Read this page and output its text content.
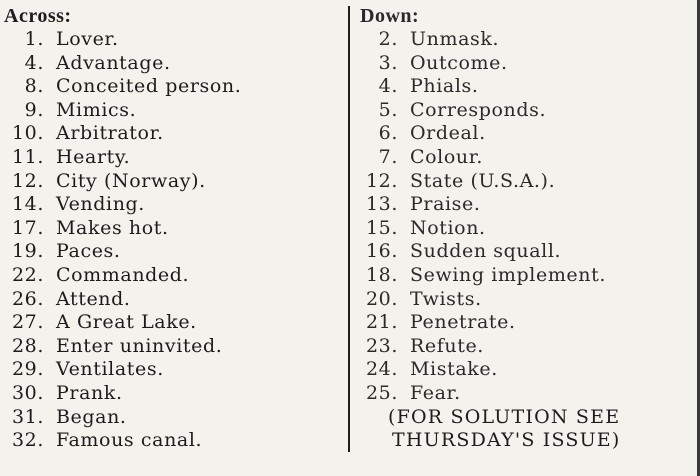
Across:
1. Lover.
4. Advantage.
8. Conceited person.
9. Mimics.
10. Arbitrator.
11. Hearty.
12. City (Norway).
14. Vending.
17. Makes hot.
19. Paces.
22. Commanded.
26. Attend.
27. A Great Lake.
28. Enter uninvited.
29. Ventilates.
30. Prank.
31. Began.
32. Famous canal.
Down:
2. Unmask.
3. Outcome.
4. Phials.
5. Corresponds.
6. Ordeal.
7. Colour.
12. State (U.S.A.).
13. Praise.
15. Notion.
16. Sudden squall.
18. Sewing implement.
20. Twists.
21. Penetrate.
23. Refute.
24. Mistake.
25. Fear.
(FOR SOLUTION SEE
THURSDAY'S ISSUE)
